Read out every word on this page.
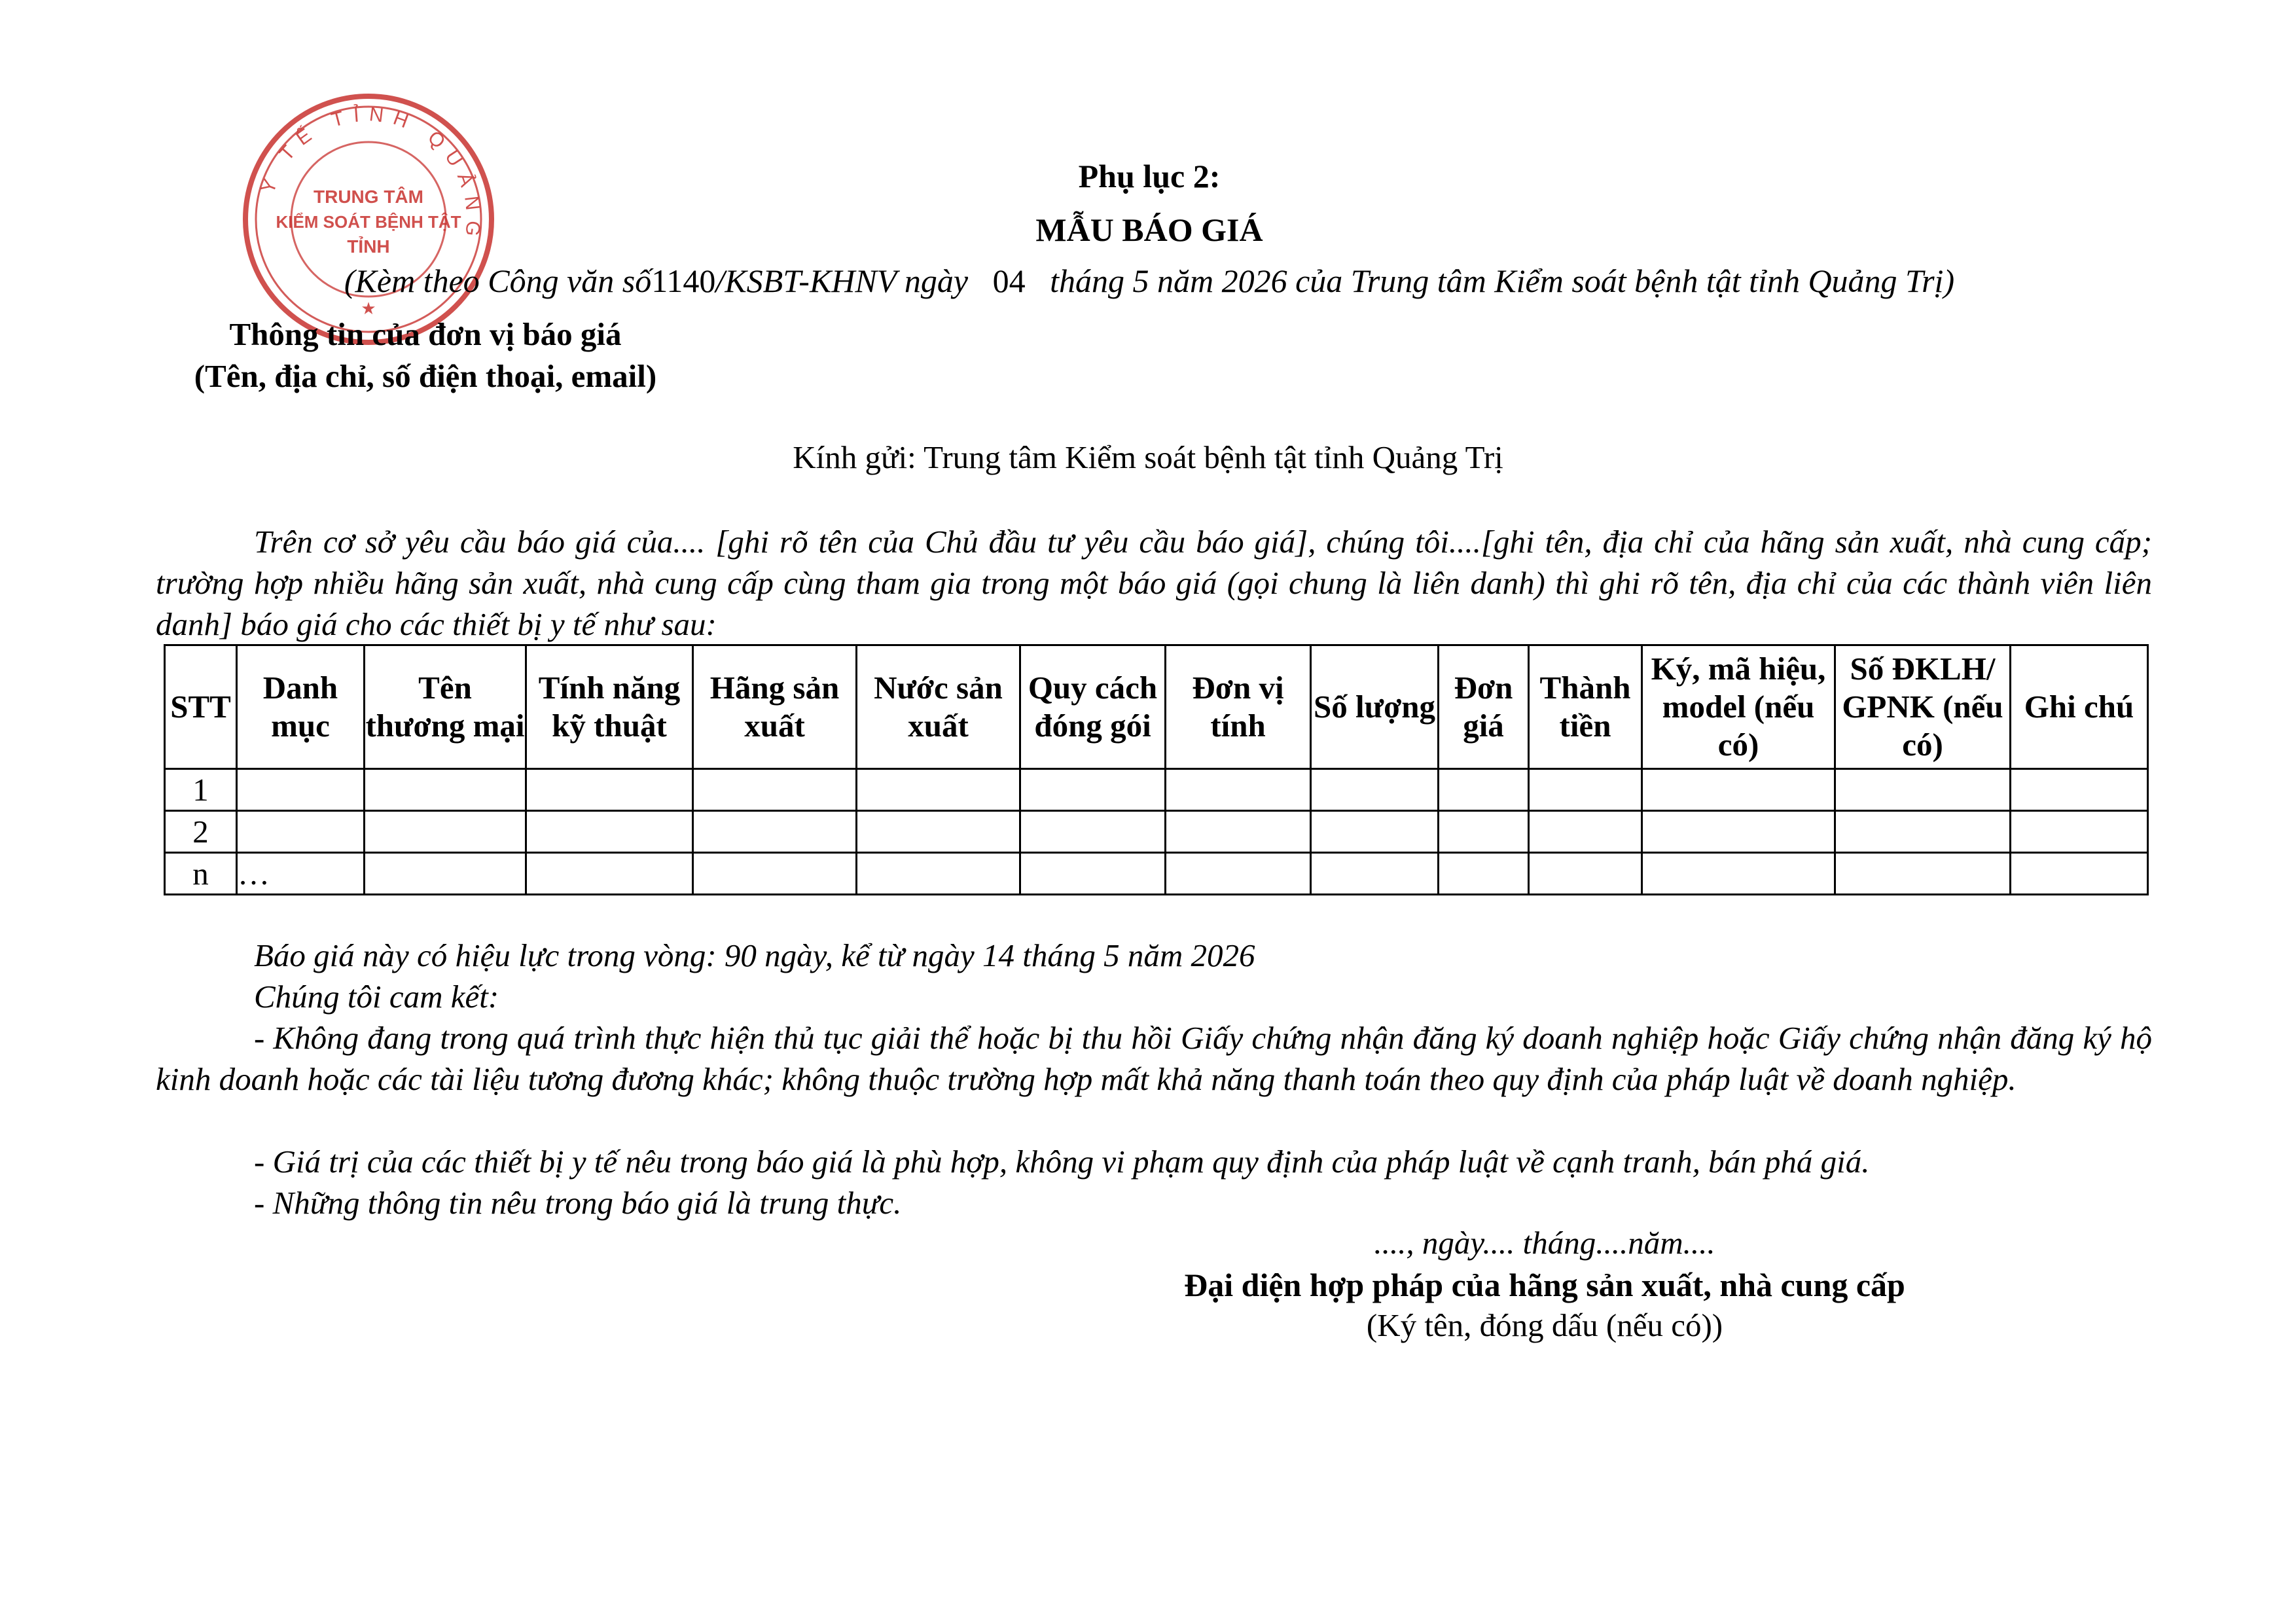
Y TẾ TỈNH QUẢNG
TRUNG TÂM
KIỂM SOÁT BỆNH TẬT
TỈNH
★
Phụ lục 2:
MẪU BÁO GIÁ
(Kèm theo Công văn số1140/KSBT-KHNV ngày 04 tháng 5 năm 2026 của Trung tâm Kiểm soát bệnh tật tỉnh Quảng Trị)
Thông tin của đơn vị báo giá
(Tên, địa chỉ, số điện thoại, email)
Kính gửi: Trung tâm Kiểm soát bệnh tật tỉnh Quảng Trị
Trên cơ sở yêu cầu báo giá của.... [ghi rõ tên của Chủ đầu tư yêu cầu báo giá], chúng tôi....[ghi tên, địa chỉ của hãng sản xuất, nhà cung cấp; trường hợp nhiều hãng sản xuất, nhà cung cấp cùng tham gia trong một báo giá (gọi chung là liên danh) thì ghi rõ tên, địa chỉ của các thành viên liên danh] báo giá cho các thiết bị y tế như sau:
STT	Danh mục	Tên thương mại	Tính năng kỹ thuật	Hãng sản xuất	Nước sản xuất	Quy cách đóng gói	Đơn vị tính	Số lượng	Đơn giá	Thành tiền	Ký, mã hiệu, model (nếu có)	Số ĐKLH/ GPNK (nếu có)	Ghi chú
1													
2													
n	…												
Báo giá này có hiệu lực trong vòng: 90 ngày, kể từ ngày 14 tháng 5 năm 2026
Chúng tôi cam kết:
- Không đang trong quá trình thực hiện thủ tục giải thể hoặc bị thu hồi Giấy chứng nhận đăng ký doanh nghiệp hoặc Giấy chứng nhận đăng ký hộ kinh doanh hoặc các tài liệu tương đương khác; không thuộc trường hợp mất khả năng thanh toán theo quy định của pháp luật về doanh nghiệp.
- Giá trị của các thiết bị y tế nêu trong báo giá là phù hợp, không vi phạm quy định của pháp luật về cạnh tranh, bán phá giá.
- Những thông tin nêu trong báo giá là trung thực.
...., ngày.... tháng....năm....
Đại diện hợp pháp của hãng sản xuất, nhà cung cấp
(Ký tên, đóng dấu (nếu có))
